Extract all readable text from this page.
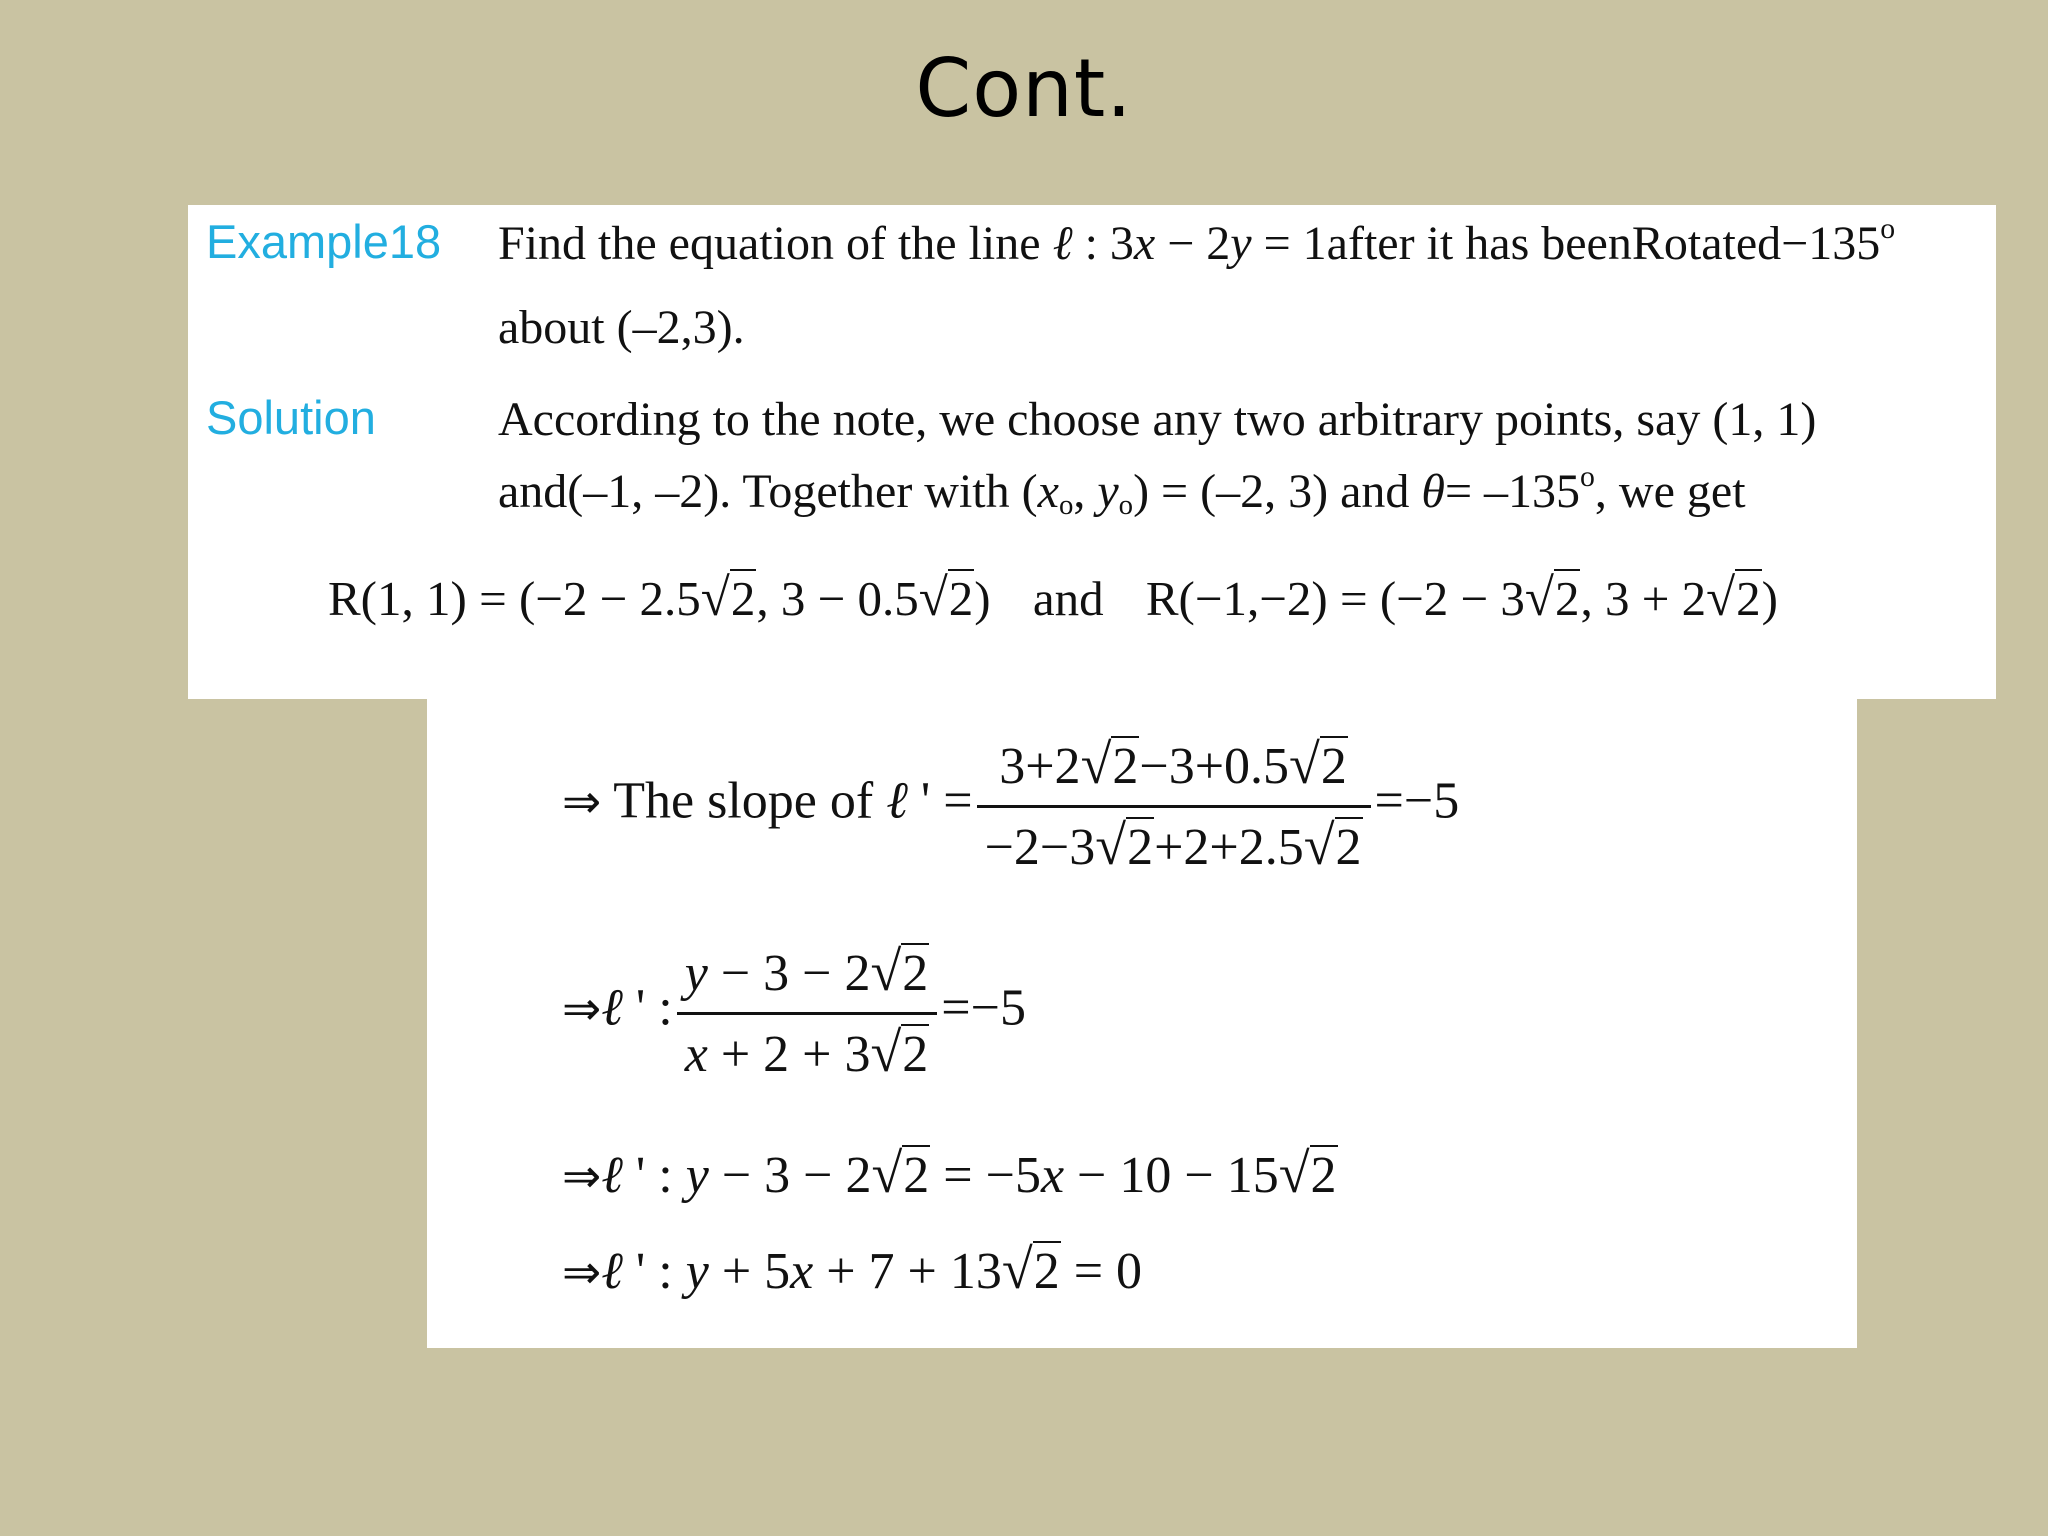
Cont.
Example18 Find the equation of the line ℓ : 3x − 2y = 1after it has $beenRotated-135^o$
about (–2,3).
Solution	According to the note, we choose any two arbitrary points, say (1, 1)
and(–1, –2). Together with ($x_o$, $y_o) = (-2$, 3) and $\theta= -135^o$, we get
R(1, 1) = (−2 − 2.5√2, 3 − 0.5√2) and R(−1,−2) = (−2 − 3√2, 3 + 2√2)
⇒ The slope of ℓ ' = $\frac{3+2√2-3+0.5√2}{-2-3√2+2+2.5√2} =-5$
⇒ℓ ' : $\frac{y - 3 - 2√2}{x + 2 + 3√2} =-5$
⇒ℓ ' : y − 3 − 2√2 = −5x − 10 − 15√2
⇒ℓ ' : y + 5x + 7 + 13√2 = 0
